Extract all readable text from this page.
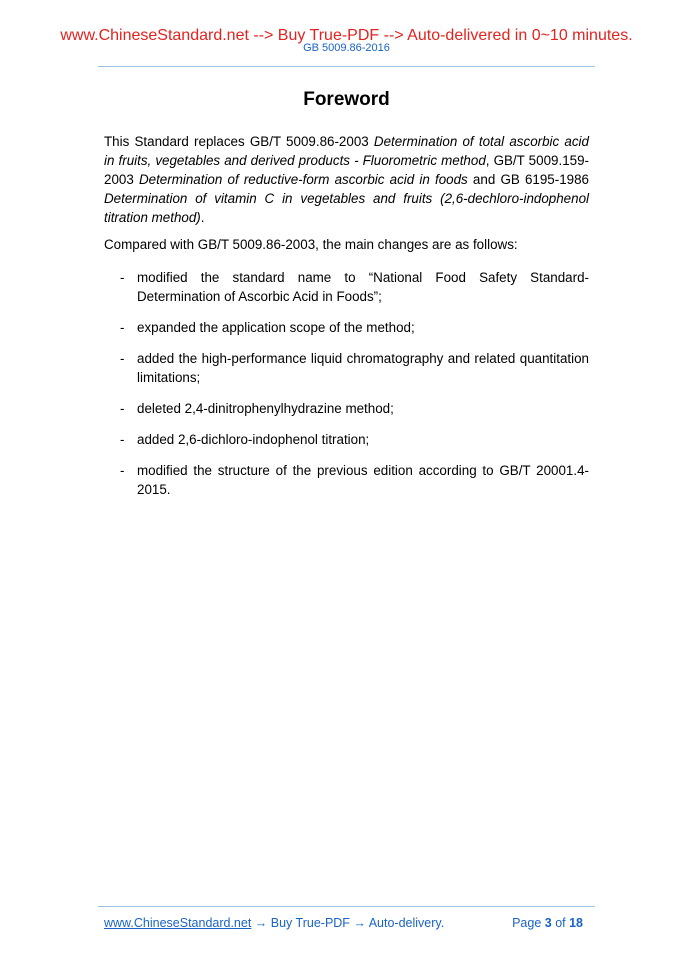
www.ChineseStandard.net --> Buy True-PDF --> Auto-delivered in 0~10 minutes.
GB 5009.86-2016
Foreword
This Standard replaces GB/T 5009.86-2003 Determination of total ascorbic acid in fruits, vegetables and derived products - Fluorometric method, GB/T 5009.159-2003 Determination of reductive-form ascorbic acid in foods and GB 6195-1986 Determination of vitamin C in vegetables and fruits (2,6-dechloro-indophenol titration method).
Compared with GB/T 5009.86-2003, the main changes are as follows:
- modified the standard name to “National Food Safety Standard-Determination of Ascorbic Acid in Foods”;
- expanded the application scope of the method;
- added the high-performance liquid chromatography and related quantitation limitations;
- deleted 2,4-dinitrophenylhydrazine method;
- added 2,6-dichloro-indophenol titration;
- modified the structure of the previous edition according to GB/T 20001.4-2015.
www.ChineseStandard.net → Buy True-PDF → Auto-delivery.	Page 3 of 18
